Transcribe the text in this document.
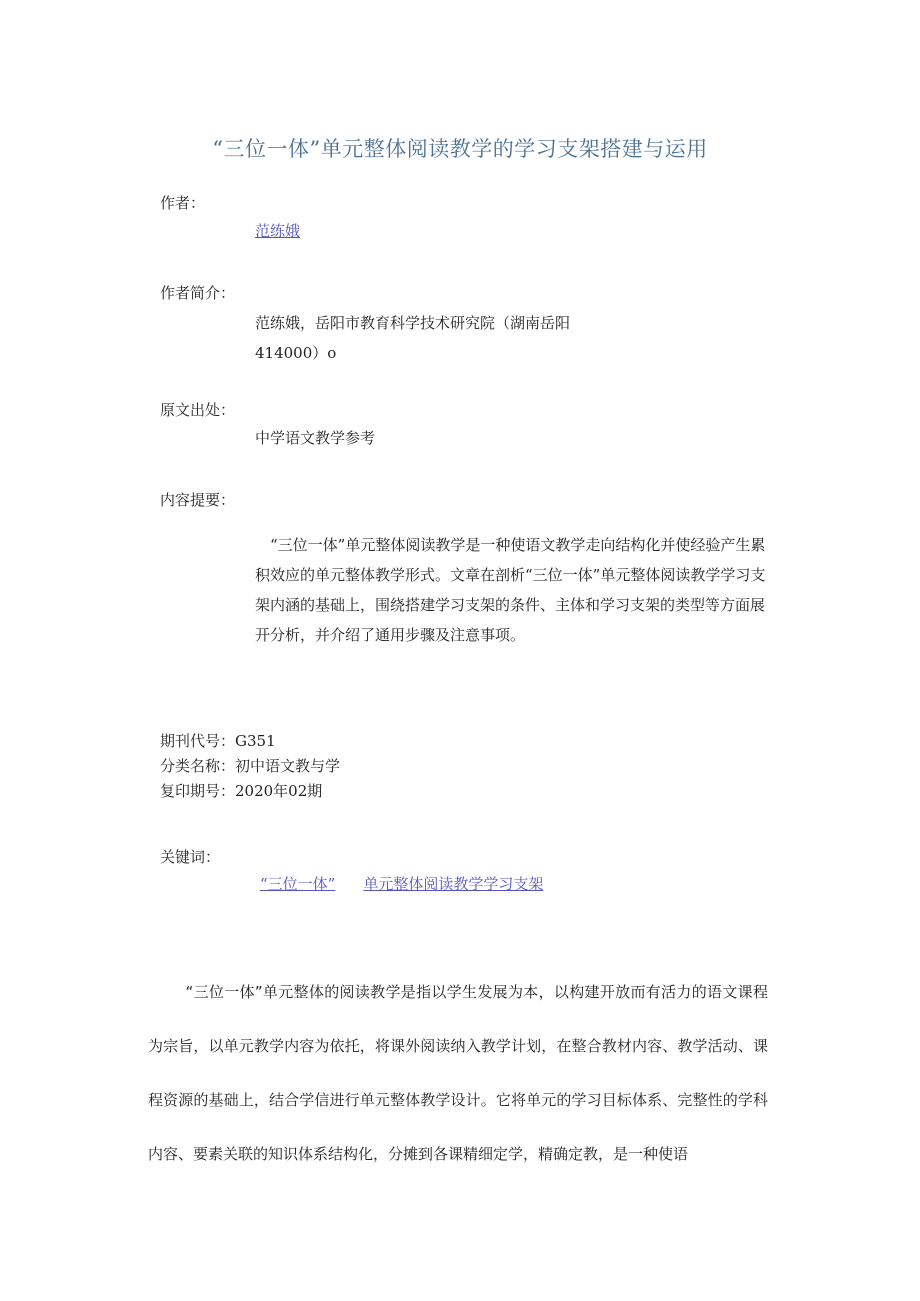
“三位一体”单元整体阅读教学的学习支架搭建与运用
作者：
范练娥
作者简介：
范练娥，岳阳市教育科学技术研究院（湖南岳阳414000）o
原文出处：
中学语文教学参考
内容提要：
“三位一体”单元整体阅读教学是一种使语文教学走向结构化并使经验产生累积效应的单元整体教学形式。文章在剖析“三位一体”单元整体阅读教学学习支架内涵的基础上，围绕搭建学习支架的条件、主体和学习支架的类型等方面展开分析，并介绍了通用步骤及注意事项。
期刊代号：G351
分类名称：初中语文教与学
复印期号：2020年02期
关键词：
“三位一体” 单元整体阅读教学学习支架
“三位一体”单元整体的阅读教学是指以学生发展为本，以构建开放而有活力的语文课程为宗旨，以单元教学内容为依托，将课外阅读纳入教学计划，在整合教材内容、教学活动、课程资源的基础上，结合学信进行单元整体教学设计。它将单元的学习目标体系、完整性的学科内容、要素关联的知识体系结构化，分摊到各课精细定学，精确定教，是一种使语
